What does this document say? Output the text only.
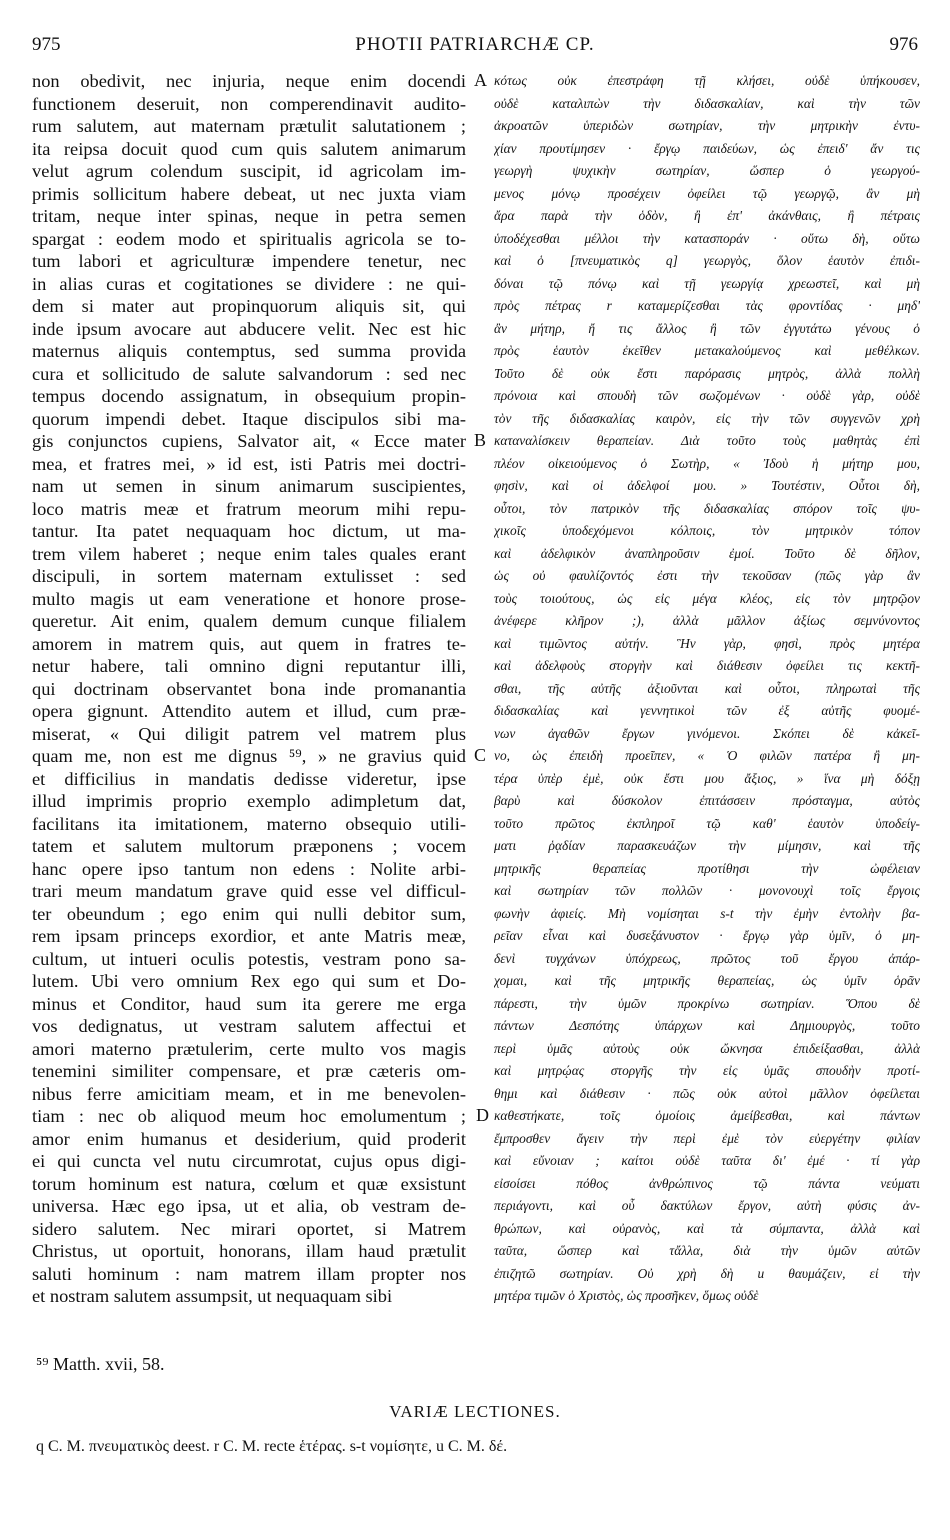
975	PHOTII PATRIARCHÆ CP.	976
non obedivit, nec injuria, neque enim docendi
functionem deseruit, non comperendinavit audito-
rum salutem, aut maternam prætulit salutationem ;
ita reipsa docuit quod cum quis salutem animarum
velut agrum colendum suscipit, id agricolam im-
primis sollicitum habere debeat, ut nec juxta viam
tritam, neque inter spinas, neque in petra semen
spargat : eodem modo et spiritualis agricola se to-
tum labori et agriculturæ impendere tenetur, nec
in alias curas et cogitationes se dividere : ne qui-
dem si mater aut propinquorum aliquis sit, qui
inde ipsum avocare aut abducere velit. Nec est hic
maternus aliquis contemptus, sed summa provida
cura et sollicitudo de salute salvandorum : sed nec
tempus docendo assignatum, in obsequium propin-
quorum impendi debet. Itaque discipulos sibi ma-
gis conjunctos cupiens, Salvator ait, « Ecce mater
mea, et fratres mei, » id est, isti Patris mei doctri-
nam ut semen in sinum animarum suscipientes,
loco matris meæ et fratrum meorum mihi repu-
tantur. Ita patet nequaquam hoc dictum, ut ma-
trem vilem haberet ; neque enim tales quales erant
discipuli, in sortem maternam extulisset : sed
multo magis ut eam veneratione et honore prose-
queretur. Ait enim, qualem demum cunque filialem
amorem in matrem quis, aut quem in fratres te-
netur habere, tali omnino digni reputantur illi,
qui doctrinam observantet bona inde promanantia
opera gignunt. Attendito autem et illud, cum præ-
miserat, « Qui diligit patrem vel matrem plus
quam me, non est me dignus ⁵⁹, » ne gravius quid
et difficilius in mandatis dedisse videretur, ipse
illud imprimis proprio exemplo adimpletum dat,
facilitans ita imitationem, materno obsequio utili-
tatem et salutem multorum præponens ; vocem
hanc opere ipso tantum non edens : Nolite arbi-
trari meum mandatum grave quid esse vel difficul-
ter obeundum ; ego enim qui nulli debitor sum,
rem ipsam princeps exordior, et ante Matris meæ,
cultum, ut intueri oculis potestis, vestram pono sa-
lutem. Ubi vero omnium Rex ego qui sum et Do-
minus et Conditor, haud sum ita gerere me erga
vos dedignatus, ut vestram salutem affectui et
amori materno prætulerim, certe multo vos magis
tenemini similiter compensare, et præ cæteris om-
nibus ferre amicitiam meam, et in me benevolen-
tiam : nec ob aliquod meum hoc emolumentum ;
amor enim humanus et desiderium, quid proderit
ei qui cuncta vel nutu circumrotat, cujus opus digi-
torum hominum est natura, cœlum et quæ exsistunt
universa. Hæc ego ipsa, ut et alia, ob vestram de-
sidero salutem. Nec mirari oportet, si Matrem
Christus, ut oportuit, honorans, illam haud prætulit
saluti hominum : nam matrem illam propter nos
et nostram salutem assumpsit, ut nequaquam sibi
κότως οὐκ ἐπεστράφη τῇ κλήσει, οὐδὲ ὑπήκουσεν,
οὐδὲ καταλιπὼν τὴν διδασκαλίαν, καὶ τὴν τῶν
ἀκροατῶν ὑπεριδὼν σωτηρίαν, τὴν μητρικὴν ἐντυ-
χίαν προυτίμησεν · ἔργῳ παιδεύων, ὡς ἐπειδ' ἄν τις
γεωργὴ ψυχικὴν σωτηρίαν, ὥσπερ ὁ γεωργού-
μενος μόνῳ προσέχειν ὀφείλει τῷ γεωργῷ, ἂν μὴ
ἄρα παρὰ τὴν ὁδὸν, ἢ ἐπ' ἀκάνθαις, ἢ πέτραις
ὑποδέχεσθαι μέλλοι τὴν κατασποράν · οὕτω δὴ, οὕτω
καὶ ὁ [πνευματικὸς q] γεωργὸς, ὅλον ἑαυτὸν ἐπιδι-
δόναι τῷ πόνῳ καὶ τῇ γεωργίᾳ χρεωστεῖ, καὶ μὴ
πρὸς πέτρας r καταμερίζεσθαι τὰς φροντίδας · μηδ'
ἂν μήτηρ, ἤ τις ἄλλος ἢ τῶν ἐγγυτάτω γένους ὁ
πρὸς ἑαυτὸν ἐκεῖθεν μετακαλούμενος καὶ μεθέλκων.
Τοῦτο δὲ οὐκ ἔστι παρόρασις μητρὸς, ἀλλὰ πολλὴ
πρόνοια καὶ σπουδὴ τῶν σωζομένων · οὐδὲ γὰρ, οὐδὲ
τὸν τῆς διδασκαλίας καιρὸν, εἰς τὴν τῶν συγγενῶν χρὴ
καταναλίσκειν θεραπείαν. Διὰ τοῦτο τοὺς μαθητὰς ἐπὶ
πλέον οἰκειούμενος ὁ Σωτὴρ, « Ἰδοὺ ἡ μήτηρ μου,
φησὶν, καὶ οἱ ἀδελφοί μου. » Τουτέστιν, Οὗτοι δὴ,
οὗτοι, τὸν πατρικὸν τῆς διδασκαλίας σπόρον τοῖς ψυ-
χικοῖς ὑποδεχόμενοι κόλποις, τὸν μητρικὸν τόπον
καὶ ἀδελφικὸν ἀναπληροῦσιν ἐμοί. Τοῦτο δὲ δῆλον,
ὡς οὐ φαυλίζοντός ἐστι τὴν τεκοῦσαν (πῶς γὰρ ἂν
τοὺς τοιούτους, ὡς εἰς μέγα κλέος, εἰς τὸν μητρῷον
ἀνέφερε κλῆρον ;), ἀλλὰ μᾶλλον ἀξίως σεμνύνοντος
καὶ τιμῶντος αὐτήν. Ἣν γὰρ, φησὶ, πρὸς μητέρα
καὶ ἀδελφοὺς στοργὴν καὶ διάθεσιν ὀφείλει τις κεκτῆ-
σθαι, τῆς αὐτῆς ἀξιοῦνται καὶ οὗτοι, πληρωταὶ τῆς
διδασκαλίας καὶ γεννητικοὶ τῶν ἐξ αὐτῆς φυομέ-
νων ἀγαθῶν ἔργων γινόμενοι. Σκόπει δὲ κἀκεῖ-
νο, ὡς ἐπειδὴ προεῖπεν, « Ὁ φιλῶν πατέρα ἢ μη-
τέρα ὑπὲρ ἐμὲ, οὐκ ἔστι μου ἄξιος, » ἵνα μὴ δόξῃ
βαρὺ καὶ δύσκολον ἐπιτάσσειν πρόσταγμα, αὐτὸς
τοῦτο πρῶτος ἐκπληροῖ τῷ καθ' ἑαυτὸν ὑποδείγ-
ματι ῥᾳδίαν παρασκευάζων τὴν μίμησιν, καὶ τῆς
μητρικῆς θεραπείας προτίθησι τὴν ὠφέλειαν
καὶ σωτηρίαν τῶν πολλῶν · μονονουχὶ τοῖς ἔργοις
φωνὴν ἀφιείς. Μὴ νομίσηται s-t τὴν ἐμὴν ἐντολὴν βα-
ρεῖαν εἶναι καὶ δυσεξάνυστον · ἔργῳ γὰρ ὑμῖν, ὁ μη-
δενὶ τυγχάνων ὑπόχρεως, πρῶτος τοῦ ἔργου ἀπάρ-
χομαι, καὶ τῆς μητρικῆς θεραπείας, ὡς ὑμῖν ὁρᾶν
πάρεστι, τὴν ὑμῶν προκρίνω σωτηρίαν. Ὅπου δὲ
πάντων Δεσπότης ὑπάρχων καὶ Δημιουργὸς, τοῦτο
περὶ ὑμᾶς αὐτοὺς οὐκ ὤκνησα ἐπιδείξασθαι, ἀλλὰ
καὶ μητρῴας στοργῆς τὴν εἰς ὑμᾶς σπουδὴν προτί-
θημι καὶ διάθεσιν · πῶς οὐκ αὐτοὶ μᾶλλον ὀφείλεται
καθεστήκατε, τοῖς ὁμοίοις ἀμείβεσθαι, καὶ πάντων
ἔμπροσθεν ἄγειν τὴν περὶ ἐμὲ τὸν εὐεργέτην φιλίαν
καὶ εὔνοιαν ; καίτοι οὐδὲ ταῦτα δι' ἐμέ · τί γὰρ
εἰσοίσει πόθος ἀνθρώπινος τῷ πάντα νεύματι
περιάγοντι, καὶ οὗ δακτύλων ἔργον, αὐτὴ φύσις ἀν-
θρώπων, καὶ οὐρανὸς, καὶ τὰ σύμπαντα, ἀλλὰ καὶ
ταῦτα, ὥσπερ καὶ τἄλλα, διὰ τὴν ὑμῶν αὐτῶν
ἐπιζητῶ σωτηρίαν. Οὐ χρὴ δὴ u θαυμάζειν, εἰ τὴν
μητέρα τιμῶν ὁ Χριστὸς, ὡς προσῆκεν, ὅμως οὐδὲ
A
B
C
D
⁵⁹ Matth. xvii, 58.
VARIÆ LECTIONES.
q C. M. πνευματικὸς deest. r C. M. recte ἑτέρας. s-t νομίσητε, u C. M. δέ.
